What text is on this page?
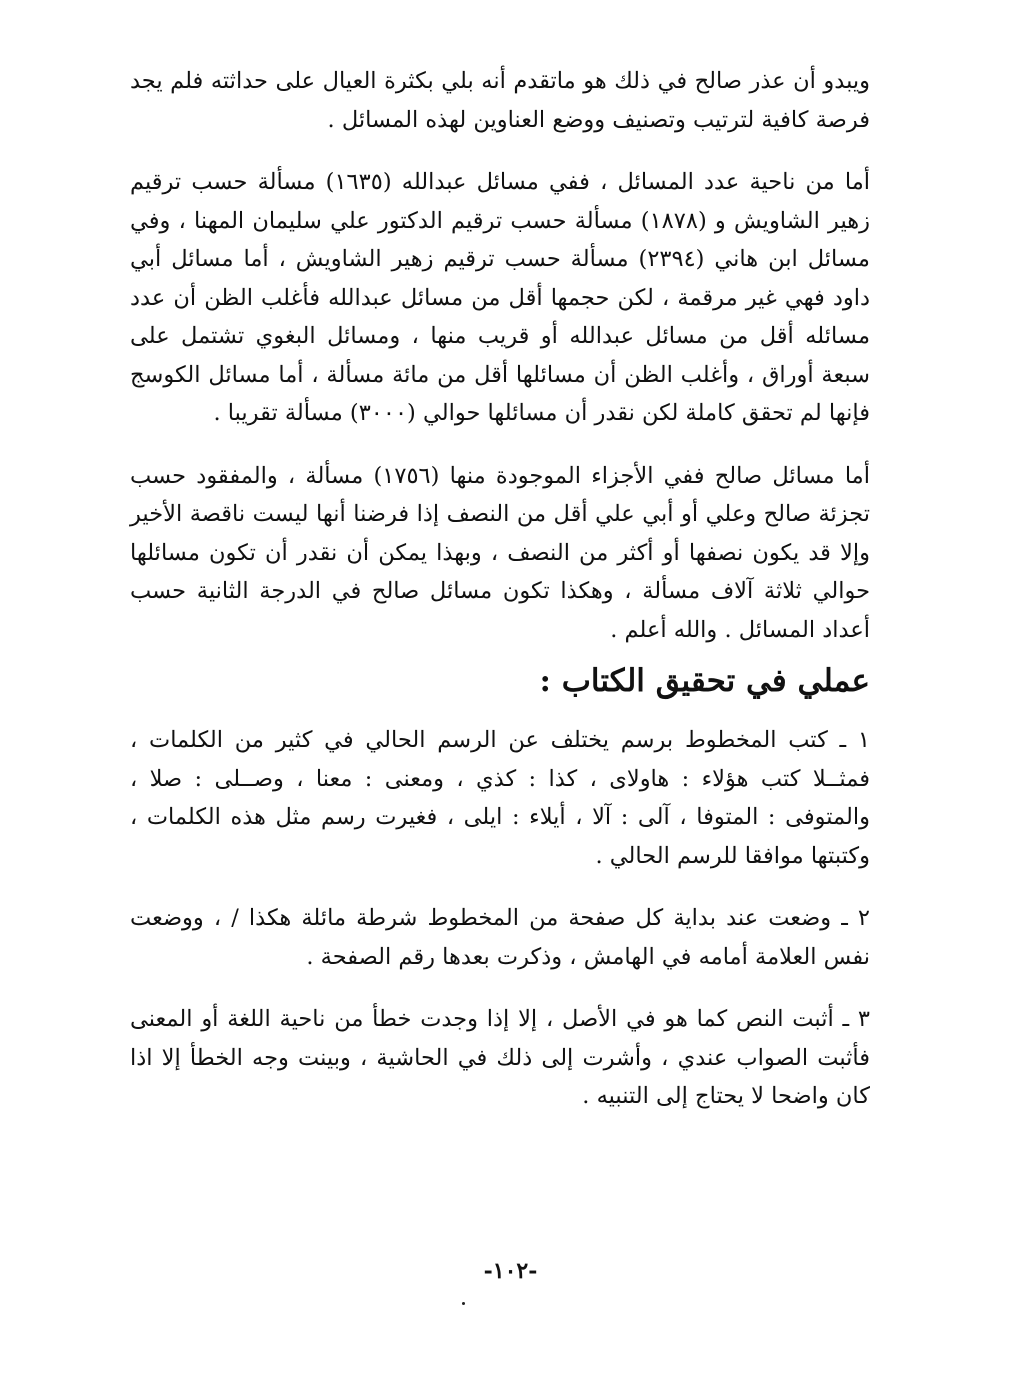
ويبدو أن عذر صالح في ذلك هو ماتقدم أنه بلي بكثرة العيال على حداثته فلم يجد فرصة كافية لترتيب وتصنيف ووضع العناوين لهذه المسائل .

أما من ناحية عدد المسائل ، ففي مسائل عبدالله (١٦٣٥) مسألة حسب ترقيم زهير الشاويش و (١٨٧٨) مسألة حسب ترقيم الدكتور علي سليمان المهنا ، وفي مسائل ابن هاني (٢٣٩٤) مسألة حسب ترقيم زهير الشاويش ، أما مسائل أبي داود فهي غير مرقمة ، لكن حجمها أقل من مسائل عبدالله فأغلب الظن أن عدد مسائله أقل من مسائل عبدالله أو قريب منها ، ومسائل البغوي تشتمل على سبعة أوراق ، وأغلب الظن أن مسائلها أقل من مائة مسألة ، أما مسائل الكوسج فإنها لم تحقق كاملة لكن نقدر أن مسائلها حوالي (٣٠٠٠) مسألة تقريبا .

أما مسائل صالح ففي الأجزاء الموجودة منها (١٧٥٦) مسألة ، والمفقود حسب تجزئة صالح وعلي أو أبي علي أقل من النصف إذا فرضنا أنها ليست ناقصة الأخير وإلا قد يكون نصفها أو أكثر من النصف ، وبهذا يمكن أن نقدر أن تكون مسائلها حوالي ثلاثة آلاف مسألة ، وهكذا تكون مسائل صالح في الدرجة الثانية حسب أعداد المسائل . والله أعلم .

عملي في تحقيق الكتاب :

١ ـ كتب المخطوط برسم يختلف عن الرسم الحالي في كثير من الكلمات ، فمثــلا كتب هؤلاء : هاولاى ، كذا : كذي ، ومعنى : معنا ، وصــلى : صلا ، والمتوفى : المتوفا ، آلى : آلا ، أيلاء : ايلى ، فغيرت رسم مثل هذه الكلمات ، وكتبتها موافقا للرسم الحالي .

٢ ـ وضعت عند بداية كل صفحة من المخطوط شرطة مائلة هكذا / ، ووضعت نفس العلامة أمامه في الهامش ، وذكرت بعدها رقم الصفحة .

٣ ـ أثبت النص كما هو في الأصل ، إلا إذا وجدت خطأ من ناحية اللغة أو المعنى فأثبت الصواب عندي ، وأشرت إلى ذلك في الحاشية ، وبينت وجه الخطأ إلا اذا كان واضحا لا يحتاج إلى التنبيه .

-١٠٢-
